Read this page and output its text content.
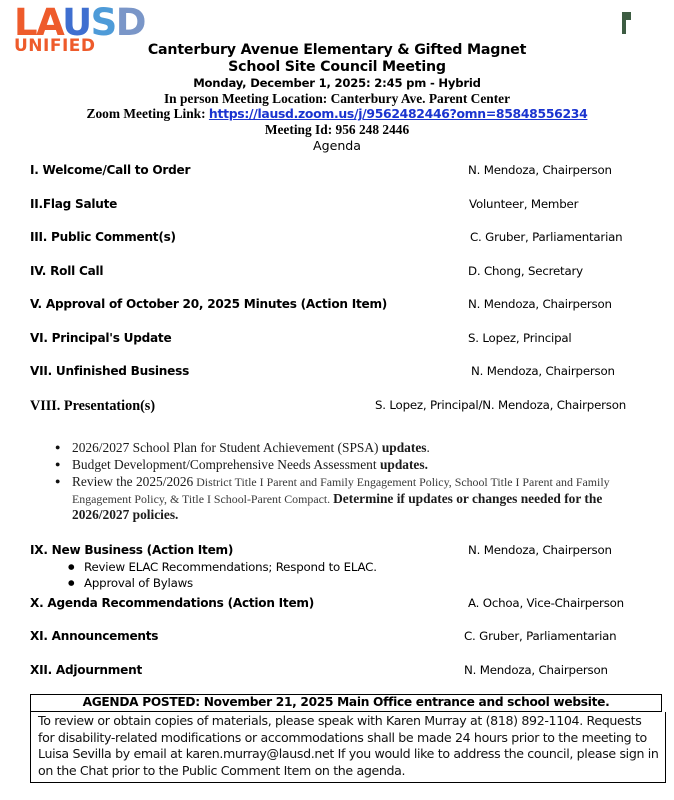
LAUSD
UNIFIED	Canterbury Avenue Elementary & Gifted Magnet
School Site Council Meeting
Monday, December 1, 2025: 2:45 pm - Hybrid
In person Meeting Location: Canterbury Ave. Parent Center
Zoom Meeting Link: https://lausd.zoom.us/j/9562482446?omn=85848556234
Meeting Id: 956 248 2446
Agenda
I. Welcome/Call to Order	N. Mendoza, Chairperson
II.Flag Salute	Volunteer, Member
III. Public Comment(s)	C. Gruber, Parliamentarian
IV. Roll Call	D. Chong, Secretary
V. Approval of October 20, 2025 Minutes (Action Item)	N. Mendoza, Chairperson
VI. Principal's Update	S. Lopez, Principal
VII. Unfinished Business	N. Mendoza, Chairperson
VIII. Presentation(s)	S. Lopez, Principal/N. Mendoza, Chairperson
● 2026/2027 School Plan for Student Achievement (SPSA) updates.
● Budget Development/Comprehensive Needs Assessment updates.
● Review the 2025/2026 District Title I Parent and Family Engagement Policy, School Title I Parent and Family Engagement Policy, & Title I School-Parent Compact. Determine if updates or changes needed for the 2026/2027 policies.
IX. New Business (Action Item)	N. Mendoza, Chairperson
● Review ELAC Recommendations; Respond to ELAC.
● Approval of Bylaws
X. Agenda Recommendations (Action Item)	A. Ochoa, Vice-Chairperson
XI. Announcements	C. Gruber, Parliamentarian
XII. Adjournment	N. Mendoza, Chairperson
AGENDA POSTED: November 21, 2025 Main Office entrance and school website.
To review or obtain copies of materials, please speak with Karen Murray at (818) 892-1104. Requests for disability-related modifications or accommodations shall be made 24 hours prior to the meeting to Luisa Sevilla by email at karen.murray@lausd.net If you would like to address the council, please sign in on the Chat prior to the Public Comment Item on the agenda.
